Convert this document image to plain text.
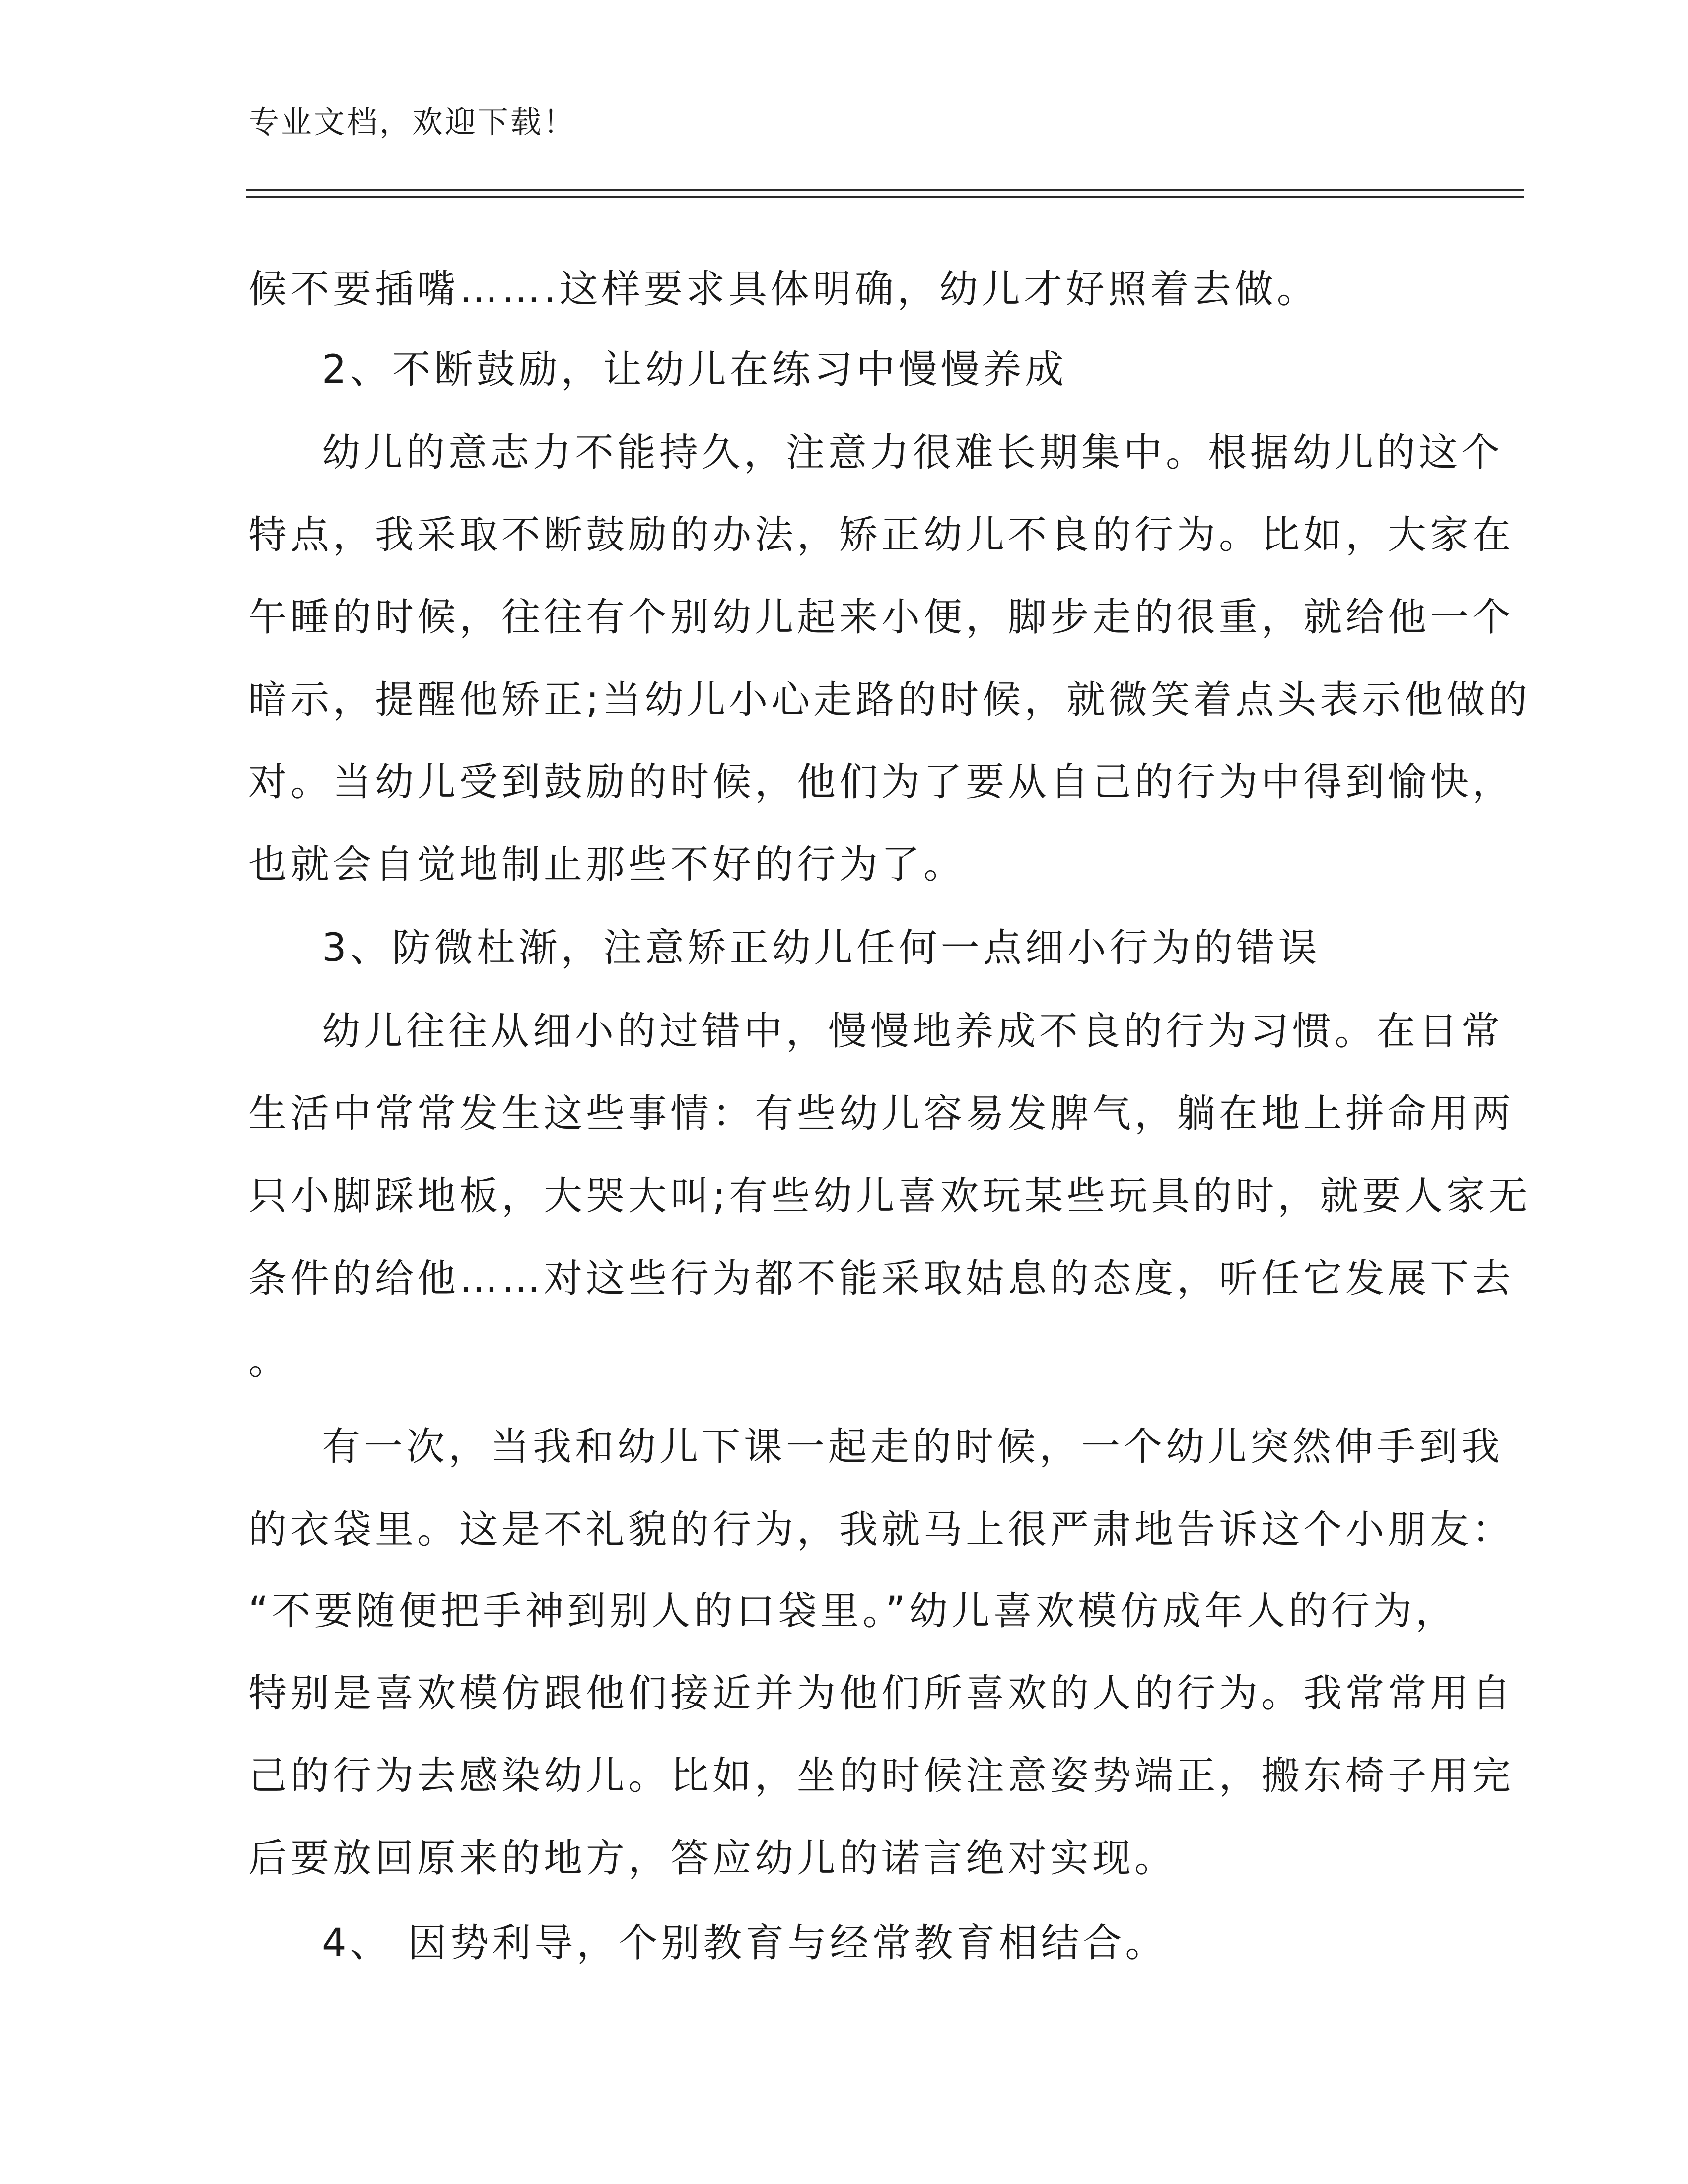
专业文档，欢迎下载！
候不要插嘴…….这样要求具体明确，幼儿才好照着去做。
2、不断鼓励，让幼儿在练习中慢慢养成
幼儿的意志力不能持久，注意力很难长期集中。根据幼儿的这个
特点，我采取不断鼓励的办法，矫正幼儿不良的行为。比如，大家在
午睡的时候，往往有个别幼儿起来小便，脚步走的很重，就给他一个
暗示，提醒他矫正;当幼儿小心走路的时候，就微笑着点头表示他做的
对。当幼儿受到鼓励的时候，他们为了要从自己的行为中得到愉快，
也就会自觉地制止那些不好的行为了。
3、防微杜渐，注意矫正幼儿任何一点细小行为的错误
幼儿往往从细小的过错中，慢慢地养成不良的行为习惯。在日常
生活中常常发生这些事情：有些幼儿容易发脾气，躺在地上拼命用两
只小脚踩地板，大哭大叫;有些幼儿喜欢玩某些玩具的时，就要人家无
条件的给他……对这些行为都不能采取姑息的态度，听任它发展下去
。
有一次，当我和幼儿下课一起走的时候，一个幼儿突然伸手到我
的衣袋里。这是不礼貌的行为，我就马上很严肃地告诉这个小朋友：
“不要随便把手神到别人的口袋里。”幼儿喜欢模仿成年人的行为，
特别是喜欢模仿跟他们接近并为他们所喜欢的人的行为。我常常用自
己的行为去感染幼儿。比如，坐的时候注意姿势端正，搬东椅子用完
后要放回原来的地方，答应幼儿的诺言绝对实现。
4、 因势利导，个别教育与经常教育相结合。
